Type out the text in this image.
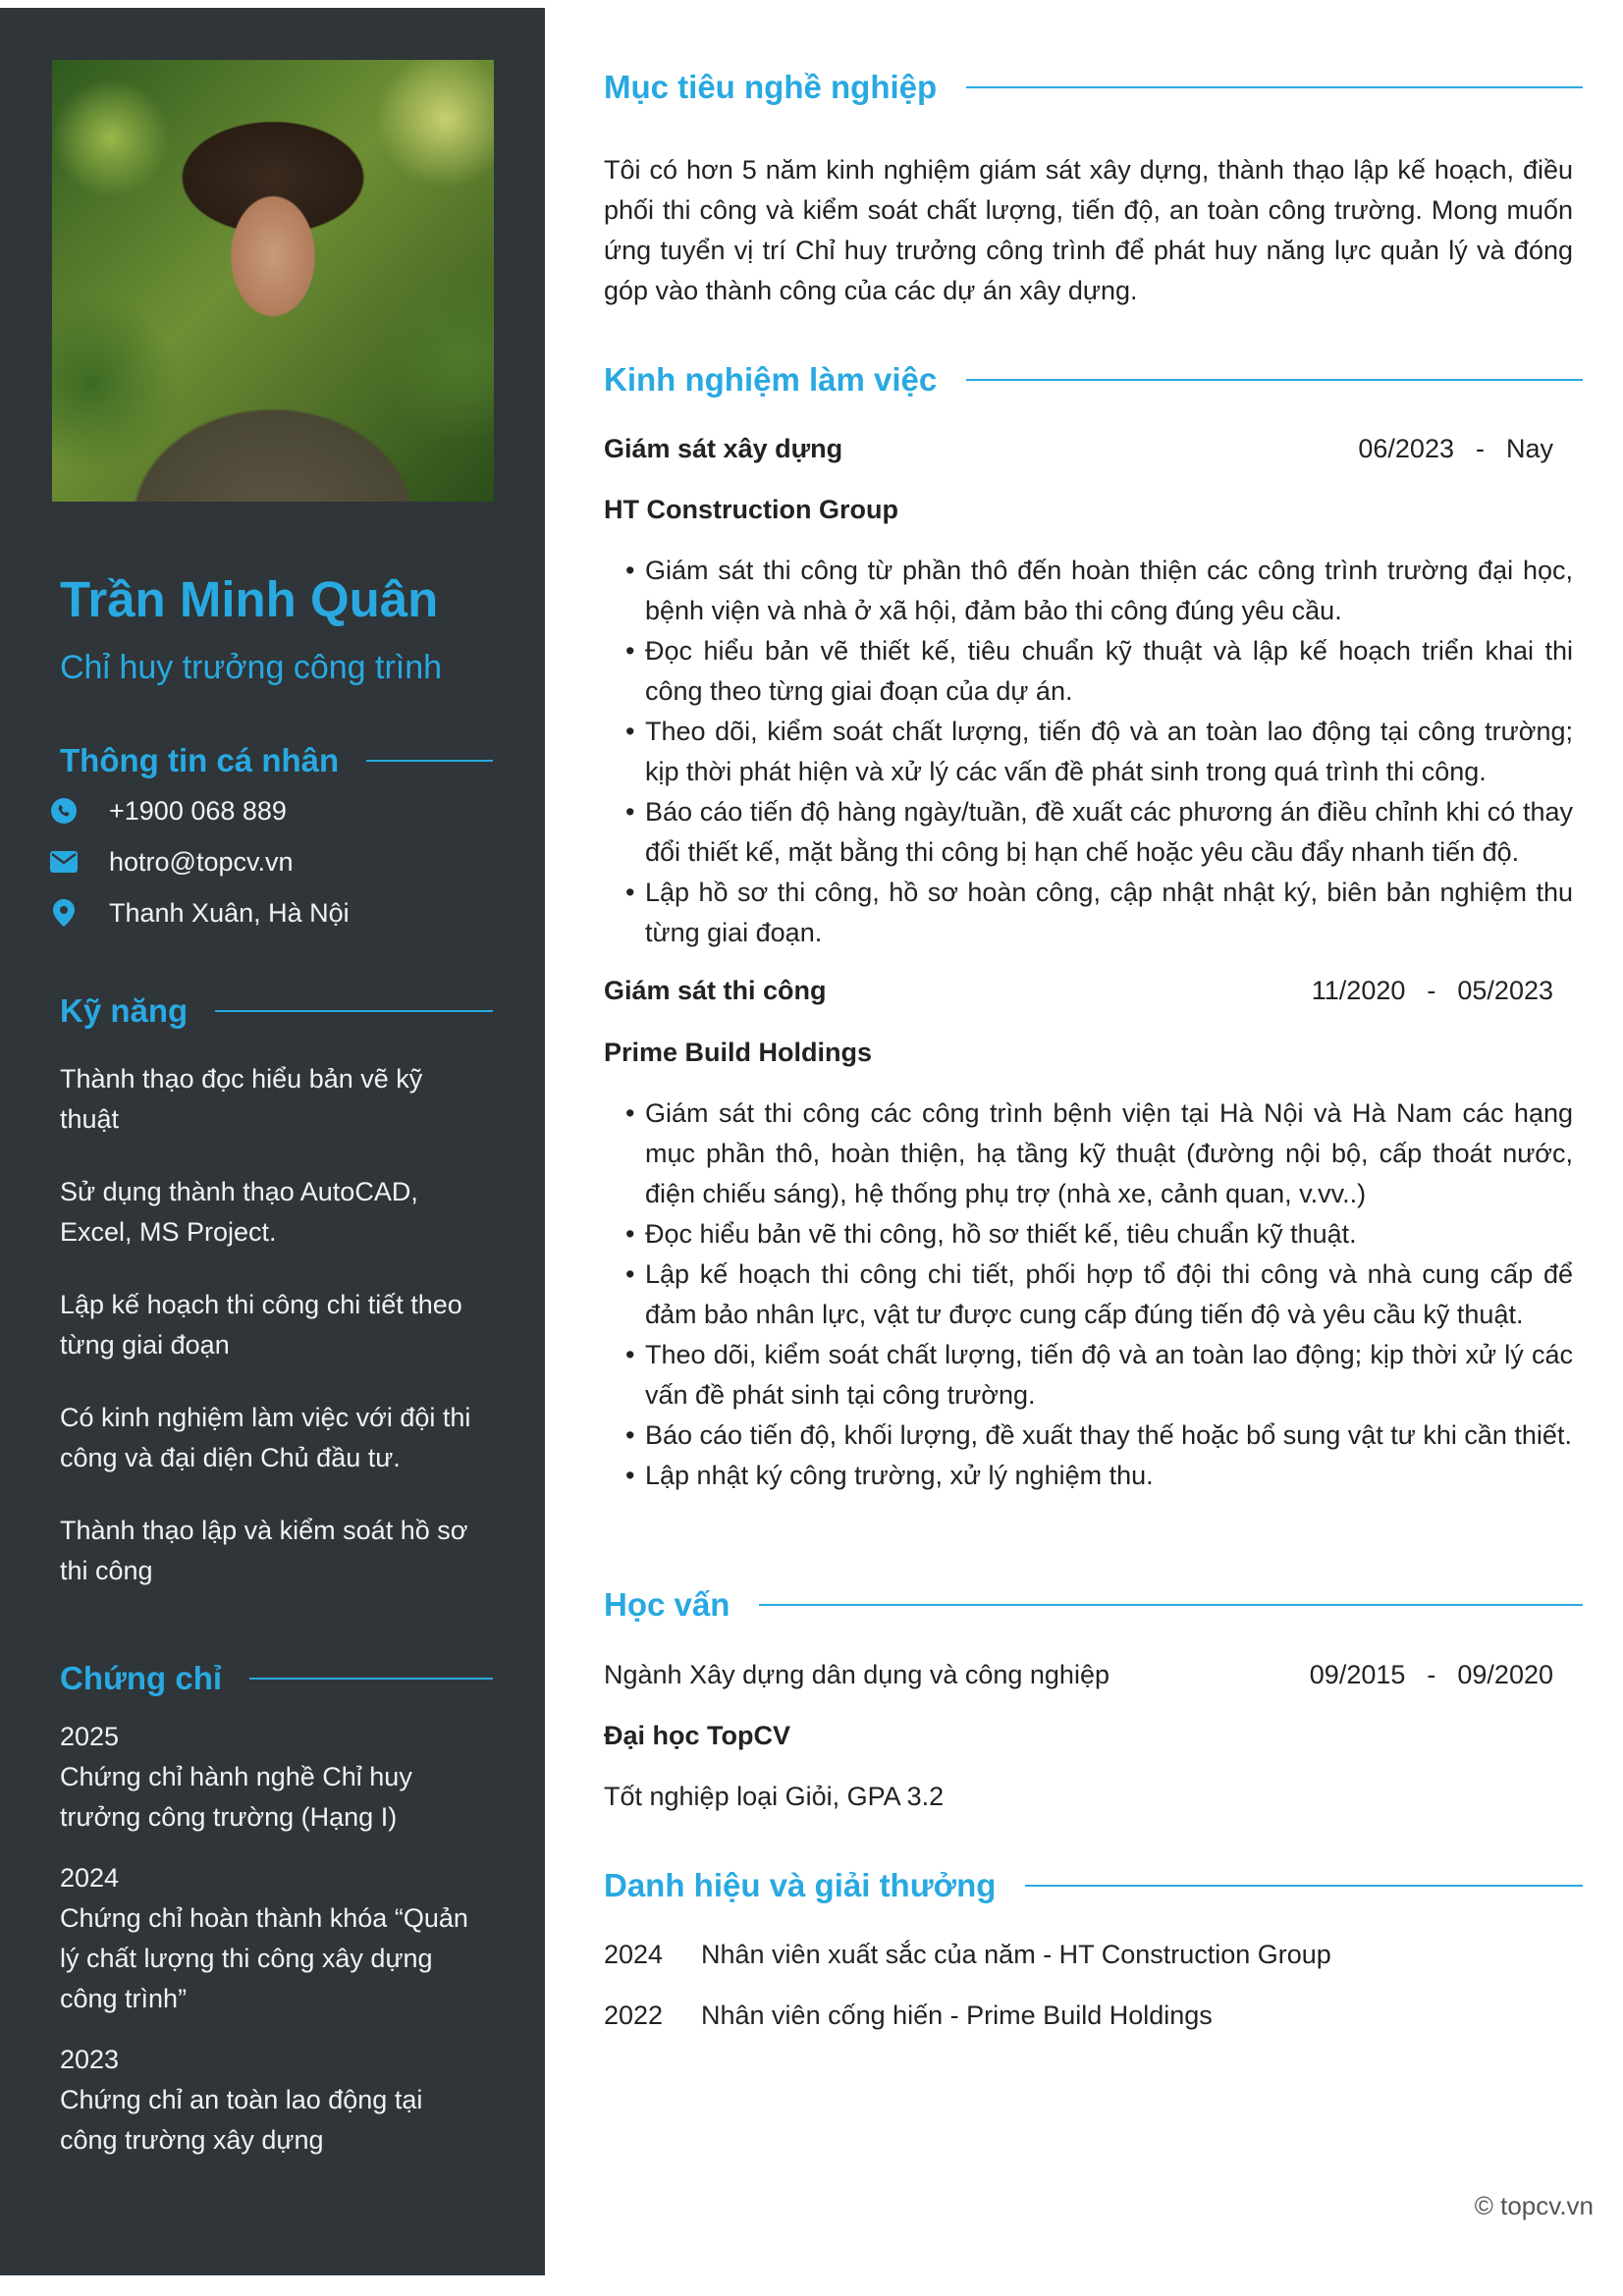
Trần Minh Quân
Chỉ huy trưởng công trình
Thông tin cá nhân
+1900 068 889
hotro@topcv.vn
Thanh Xuân, Hà Nội
Kỹ năng
Thành thạo đọc hiểu bản vẽ kỹ thuật
Sử dụng thành thạo AutoCAD, Excel, MS Project.
Lập kế hoạch thi công chi tiết theo từng giai đoạn
Có kinh nghiệm làm việc với đội thi công và đại diện Chủ đầu tư.
Thành thạo lập và kiểm soát hồ sơ thi công
Chứng chỉ
2025
Chứng chỉ hành nghề Chỉ huy trưởng công trường (Hạng I)
2024
Chứng chỉ hoàn thành khóa “Quản lý chất lượng thi công xây dựng công trình”
2023
Chứng chỉ an toàn lao động tại công trường xây dựng
Mục tiêu nghề nghiệp
Tôi có hơn 5 năm kinh nghiệm giám sát xây dựng, thành thạo lập kế hoạch, điều phối thi công và kiểm soát chất lượng, tiến độ, an toàn công trường. Mong muốn ứng tuyển vị trí Chỉ huy trưởng công trình để phát huy năng lực quản lý và đóng góp vào thành công của các dự án xây dựng.
Kinh nghiệm làm việc
Giám sát xây dựng	06/2023 - Nay
HT Construction Group
• Giám sát thi công từ phần thô đến hoàn thiện các công trình trường đại học, bệnh viện và nhà ở xã hội, đảm bảo thi công đúng yêu cầu.
• Đọc hiểu bản vẽ thiết kế, tiêu chuẩn kỹ thuật và lập kế hoạch triển khai thi công theo từng giai đoạn của dự án.
• Theo dõi, kiểm soát chất lượng, tiến độ và an toàn lao động tại công trường; kịp thời phát hiện và xử lý các vấn đề phát sinh trong quá trình thi công.
• Báo cáo tiến độ hàng ngày/tuần, đề xuất các phương án điều chỉnh khi có thay đổi thiết kế, mặt bằng thi công bị hạn chế hoặc yêu cầu đẩy nhanh tiến độ.
• Lập hồ sơ thi công, hồ sơ hoàn công, cập nhật nhật ký, biên bản nghiệm thu từng giai đoạn.
Giám sát thi công	11/2020 - 05/2023
Prime Build Holdings
• Giám sát thi công các công trình bệnh viện tại Hà Nội và Hà Nam các hạng mục phần thô, hoàn thiện, hạ tầng kỹ thuật (đường nội bộ, cấp thoát nước, điện chiếu sáng), hệ thống phụ trợ (nhà xe, cảnh quan, v.vv..)
• Đọc hiểu bản vẽ thi công, hồ sơ thiết kế, tiêu chuẩn kỹ thuật.
• Lập kế hoạch thi công chi tiết, phối hợp tổ đội thi công và nhà cung cấp để đảm bảo nhân lực, vật tư được cung cấp đúng tiến độ và yêu cầu kỹ thuật.
• Theo dõi, kiểm soát chất lượng, tiến độ và an toàn lao động; kịp thời xử lý các vấn đề phát sinh tại công trường.
• Báo cáo tiến độ, khối lượng, đề xuất thay thế hoặc bổ sung vật tư khi cần thiết.
• Lập nhật ký công trường, xử lý nghiệm thu.
Học vấn
Ngành Xây dựng dân dụng và công nghiệp	09/2015 - 09/2020
Đại học TopCV
Tốt nghiệp loại Giỏi, GPA 3.2
Danh hiệu và giải thưởng
2024	Nhân viên xuất sắc của năm - HT Construction Group
2022	Nhân viên cống hiến - Prime Build Holdings
© topcv.vn
